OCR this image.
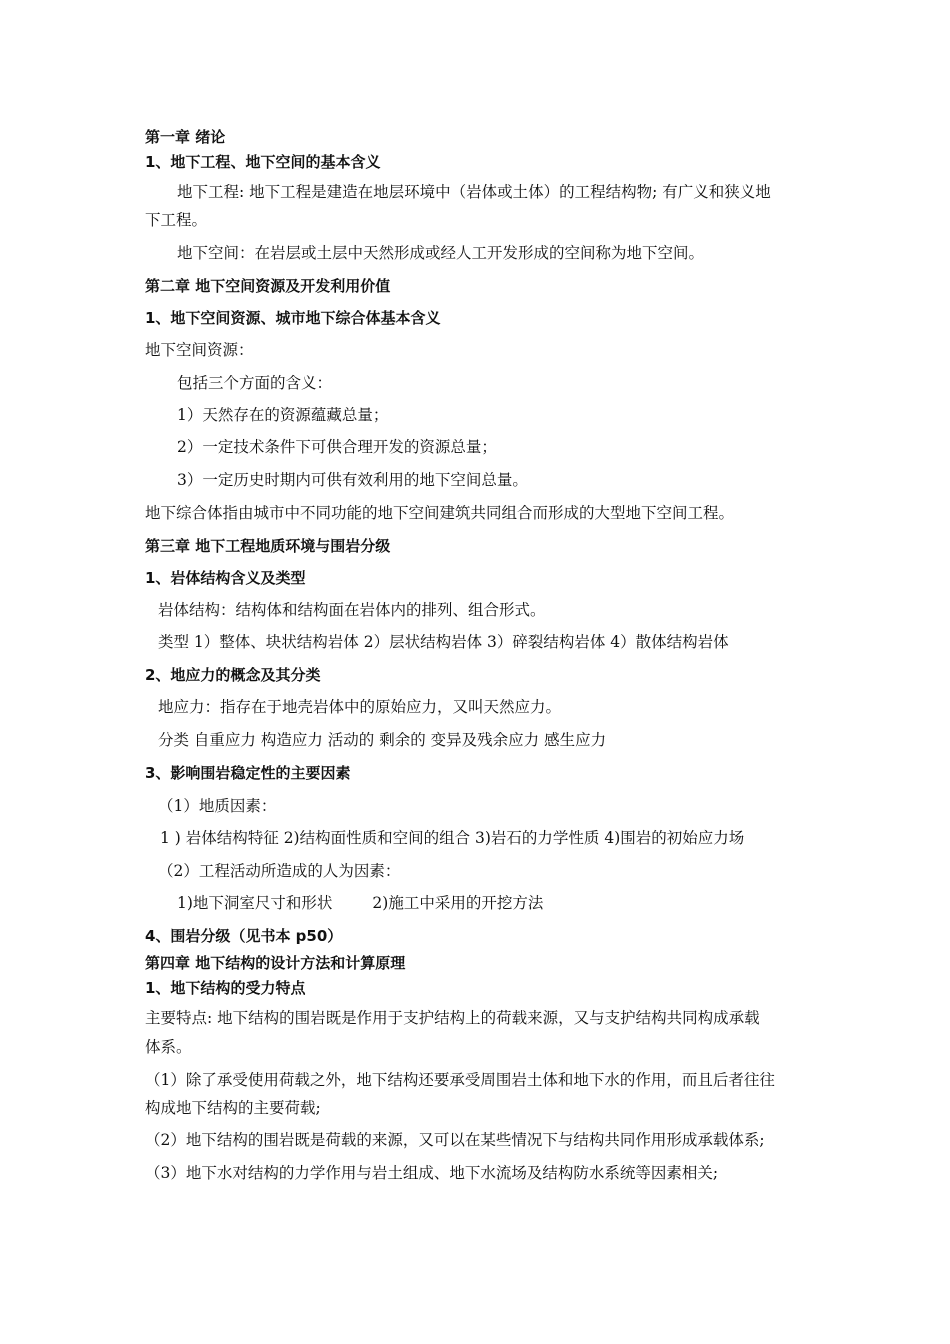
第一章 绪论
1、地下工程、地下空间的基本含义
地下工程: 地下工程是建造在地层环境中（岩体或土体）的工程结构物; 有广义和狭义地
下工程。
地下空间：在岩层或土层中天然形成或经人工开发形成的空间称为地下空间。
第二章 地下空间资源及开发利用价值
1、地下空间资源、城市地下综合体基本含义
地下空间资源：
包括三个方面的含义：
1）天然存在的资源蕴藏总量；
2）一定技术条件下可供合理开发的资源总量；
3）一定历史时期内可供有效利用的地下空间总量。
地下综合体指由城市中不同功能的地下空间建筑共同组合而形成的大型地下空间工程。
第三章 地下工程地质环境与围岩分级
1、岩体结构含义及类型
岩体结构：结构体和结构面在岩体内的排列、组合形式。
类型 1）整体、块状结构岩体 2）层状结构岩体 3）碎裂结构岩体 4）散体结构岩体
2、地应力的概念及其分类
地应力：指存在于地壳岩体中的原始应力，又叫天然应力。
分类 自重应力 构造应力 活动的 剩余的 变异及残余应力 感生应力
3、影响围岩稳定性的主要因素
（1）地质因素：
1 ) 岩体结构特征 2)结构面性质和空间的组合 3)岩石的力学性质 4)围岩的初始应力场
（2）工程活动所造成的人为因素：
1)地下洞室尺寸和形状	2)施工中采用的开挖方法
4、围岩分级（见书本 p50）
第四章 地下结构的设计方法和计算原理
1、地下结构的受力特点
主要特点: 地下结构的围岩既是作用于支护结构上的荷载来源，又与支护结构共同构成承载
体系。
（1）除了承受使用荷载之外，地下结构还要承受周围岩土体和地下水的作用，而且后者往往
构成地下结构的主要荷载;
（2）地下结构的围岩既是荷载的来源，又可以在某些情况下与结构共同作用形成承载体系;
（3）地下水对结构的力学作用与岩土组成、地下水流场及结构防水系统等因素相关;
